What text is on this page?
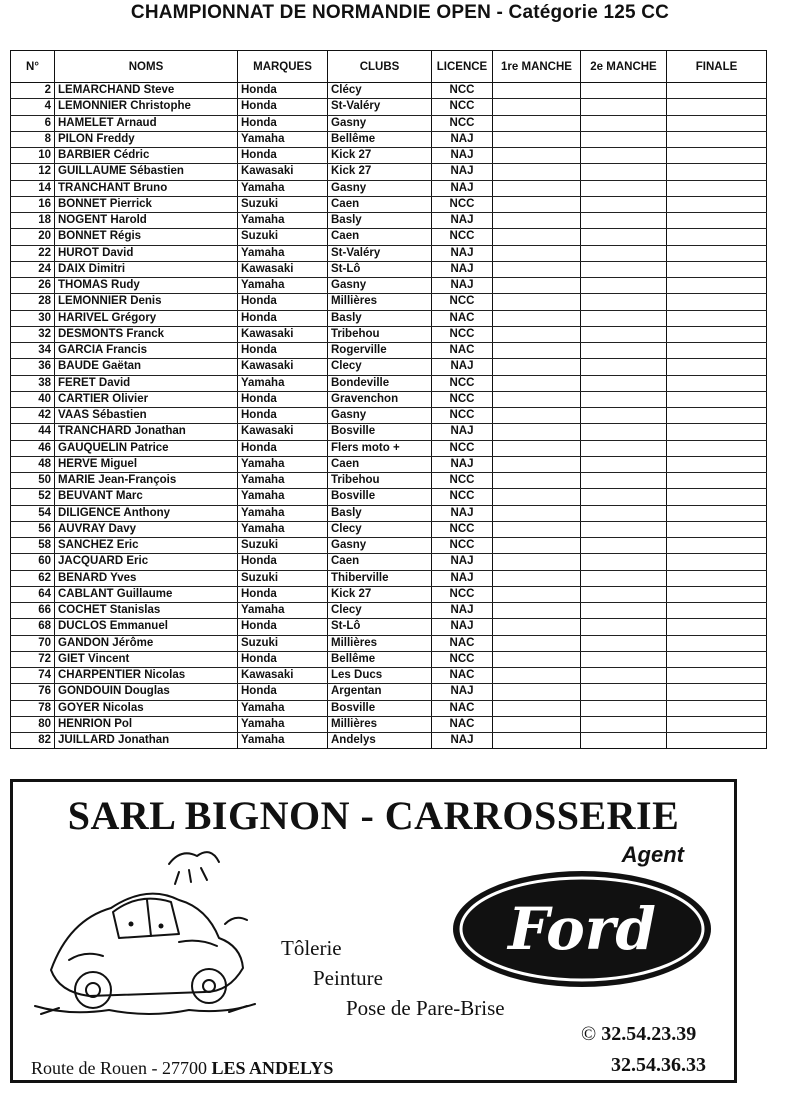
CHAMPIONNAT DE NORMANDIE OPEN - Catégorie 125 CC
N°	NOMS	MARQUES	CLUBS	LICENCE	1re MANCHE	2e MANCHE	FINALE
2	LEMARCHAND Steve	Honda	Clécy	NCC			
4	LEMONNIER Christophe	Honda	St-Valéry	NCC			
6	HAMELET Arnaud	Honda	Gasny	NCC			
8	PILON Freddy	Yamaha	Bellême	NAJ			
10	BARBIER Cédric	Honda	Kick 27	NAJ			
12	GUILLAUME Sébastien	Kawasaki	Kick 27	NAJ			
14	TRANCHANT Bruno	Yamaha	Gasny	NAJ			
16	BONNET Pierrick	Suzuki	Caen	NCC			
18	NOGENT Harold	Yamaha	Basly	NAJ			
20	BONNET Régis	Suzuki	Caen	NCC			
22	HUROT David	Yamaha	St-Valéry	NAJ			
24	DAIX Dimitri	Kawasaki	St-Lô	NAJ			
26	THOMAS Rudy	Yamaha	Gasny	NAJ			
28	LEMONNIER Denis	Honda	Millières	NCC			
30	HARIVEL Grégory	Honda	Basly	NAC			
32	DESMONTS Franck	Kawasaki	Tribehou	NCC			
34	GARCIA Francis	Honda	Rogerville	NAC			
36	BAUDE Gaëtan	Kawasaki	Clecy	NAJ			
38	FERET David	Yamaha	Bondeville	NCC			
40	CARTIER Olivier	Honda	Gravenchon	NCC			
42	VAAS Sébastien	Honda	Gasny	NCC			
44	TRANCHARD Jonathan	Kawasaki	Bosville	NAJ			
46	GAUQUELIN Patrice	Honda	Flers moto +	NCC			
48	HERVE Miguel	Yamaha	Caen	NAJ			
50	MARIE Jean-François	Yamaha	Tribehou	NCC			
52	BEUVANT Marc	Yamaha	Bosville	NCC			
54	DILIGENCE Anthony	Yamaha	Basly	NAJ			
56	AUVRAY Davy	Yamaha	Clecy	NCC			
58	SANCHEZ Eric	Suzuki	Gasny	NCC			
60	JACQUARD Eric	Honda	Caen	NAJ			
62	BENARD Yves	Suzuki	Thiberville	NAJ			
64	CABLANT Guillaume	Honda	Kick 27	NCC			
66	COCHET Stanislas	Yamaha	Clecy	NAJ			
68	DUCLOS Emmanuel	Honda	St-Lô	NAJ			
70	GANDON Jérôme	Suzuki	Millières	NAC			
72	GIET Vincent	Honda	Bellême	NCC			
74	CHARPENTIER Nicolas	Kawasaki	Les Ducs	NAC			
76	GONDOUIN Douglas	Honda	Argentan	NAJ			
78	GOYER Nicolas	Yamaha	Bosville	NAC			
80	HENRION Pol	Yamaha	Millières	NAC			
82	JUILLARD Jonathan	Yamaha	Andelys	NAJ			
SARL BIGNON - CARROSSERIE
Agent
Tôlerie
Peinture
Pose de Pare-Brise
Ford
© 32.54.23.39
32.54.36.33
Route de Rouen - 27700 LES ANDELYS
